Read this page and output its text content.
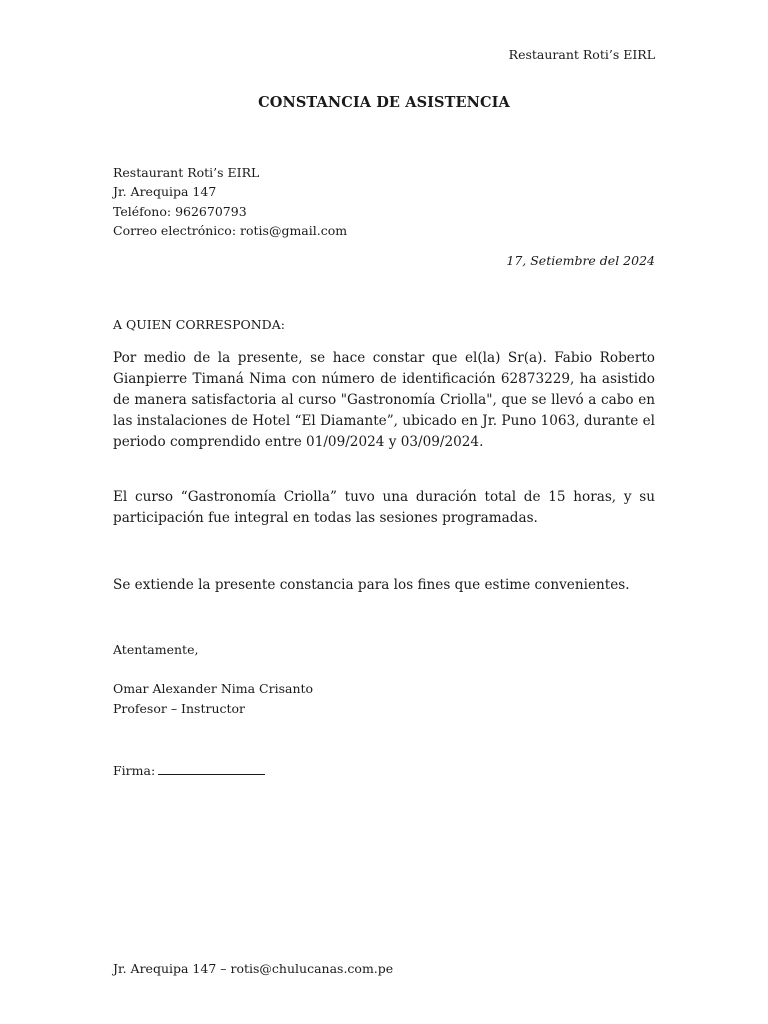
Restaurant Roti’s EIRL
CONSTANCIA DE ASISTENCIA
Restaurant Roti’s EIRL
Jr. Arequipa 147
Teléfono: 962670793
Correo electrónico: rotis@gmail.com
17, Setiembre del 2024
A QUIEN CORRESPONDA:

Por medio de la presente, se hace constar que el(la) Sr(a). Fabio Roberto Gianpierre Timaná Nima con número de identificación 62873229, ha asistido de manera satisfactoria al curso "Gastronomía Criolla", que se llevó a cabo en las instalaciones de Hotel “El Diamante”, ubicado en Jr. Puno 1063, durante el periodo comprendido entre 01/09/2024 y 03/09/2024.

El curso “Gastronomía Criolla” tuvo una duración total de 15 horas, y su participación fue integral en todas las sesiones programadas.

Se extiende la presente constancia para los fines que estime convenientes.

Atentamente,
Omar Alexander Nima Crisanto
Profesor – Instructor
Firma:
Jr. Arequipa 147 – rotis@chulucanas.com.pe
